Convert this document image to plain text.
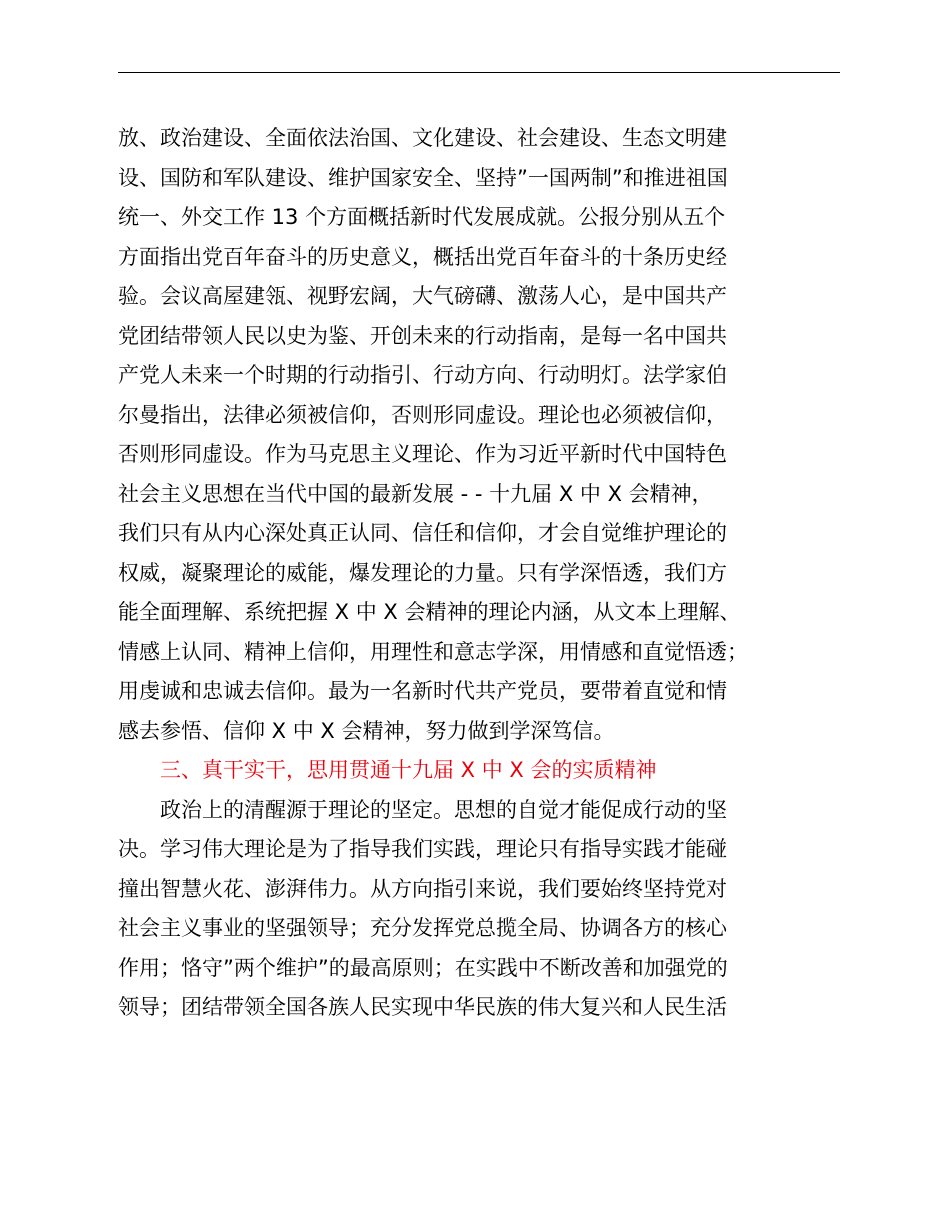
放、政治建设、全面依法治国、文化建设、社会建设、生态文明建
设、国防和军队建设、维护国家安全、坚持”一国两制”和推进祖国
统一、外交工作 13 个方面概括新时代发展成就。公报分别从五个
方面指出党百年奋斗的历史意义，概括出党百年奋斗的十条历史经
验。会议高屋建瓴、视野宏阔，大气磅礴、激荡人心，是中国共产
党团结带领人民以史为鉴、开创未来的行动指南，是每一名中国共
产党人未来一个时期的行动指引、行动方向、行动明灯。法学家伯
尔曼指出，法律必须被信仰，否则形同虚设。理论也必须被信仰，
否则形同虚设。作为马克思主义理论、作为习近平新时代中国特色
社会主义思想在当代中国的最新发展 - - 十九届 X 中 X 会精神，
我们只有从内心深处真正认同、信任和信仰，才会自觉维护理论的
权威，凝聚理论的威能，爆发理论的力量。只有学深悟透，我们方
能全面理解、系统把握 X 中 X 会精神的理论内涵，从文本上理解、
情感上认同、精神上信仰，用理性和意志学深，用情感和直觉悟透；
用虔诚和忠诚去信仰。最为一名新时代共产党员，要带着直觉和情
感去参悟、信仰 X 中 X 会精神，努力做到学深笃信。
　　三、真干实干，思用贯通十九届 X 中 X 会的实质精神
　　政治上的清醒源于理论的坚定。思想的自觉才能促成行动的坚
决。学习伟大理论是为了指导我们实践，理论只有指导实践才能碰
撞出智慧火花、澎湃伟力。从方向指引来说，我们要始终坚持党对
社会主义事业的坚强领导；充分发挥党总揽全局、协调各方的核心
作用；恪守”两个维护”的最高原则；在实践中不断改善和加强党的
领导；团结带领全国各族人民实现中华民族的伟大复兴和人民生活
